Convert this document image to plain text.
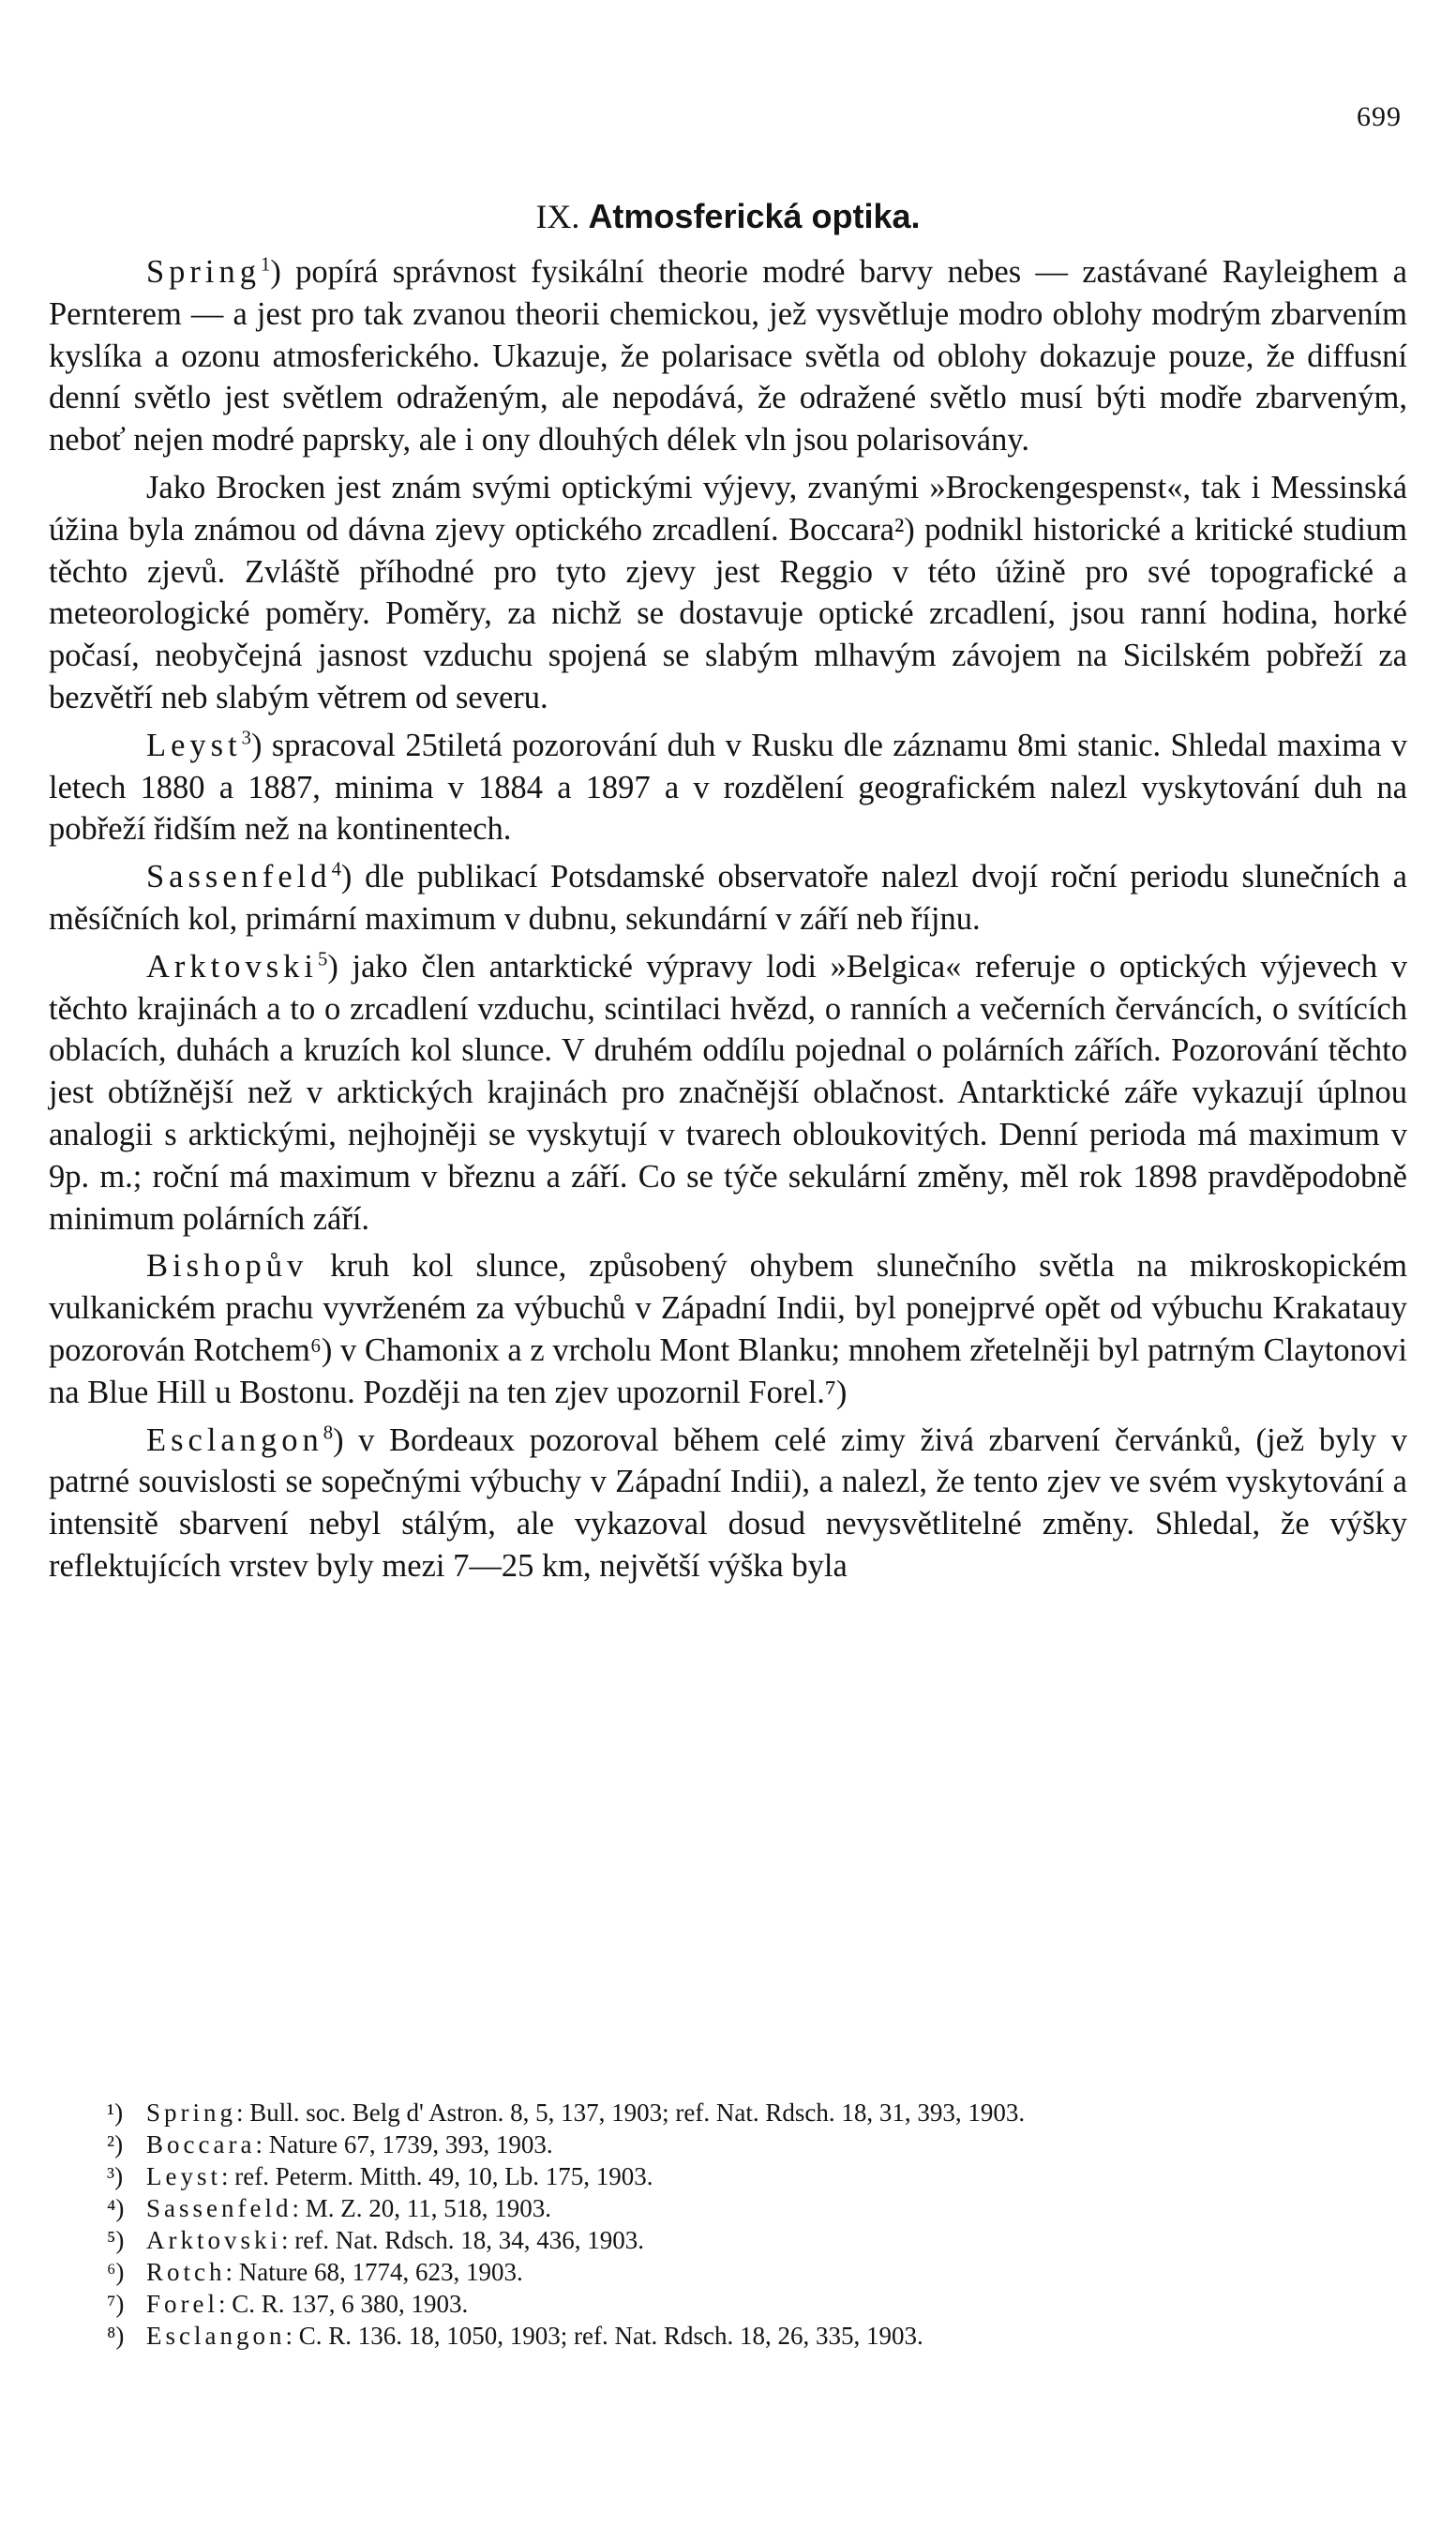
699
IX. Atmosferická optika.

Spring$^1$) popírá správnost fysikální theorie modré barvy nebes — zastávané Rayleighem a Pernterem — a jest pro tak zvanou theorii chemickou, jež vysvětluje modro oblohy modrým zbarvením kyslíka a ozonu atmosferického. Ukazuje, že polarisace světla od oblohy dokazuje pouze, že diffusní denní světlo jest světlem odraženým, ale nepodává, že odražené světlo musí býti modře zbarveným, neboť nejen modré paprsky, ale i ony dlouhých délek vln jsou polarisovány.

Jako Brocken jest znám svými optickými výjevy, zvanými »Brockengespenst«, tak i Messinská úžina byla známou od dávna zjevy optického zrcadlení. Boccara²) podnikl historické a kritické studium těchto zjevů. Zvláště příhodné pro tyto zjevy jest Reggio v této úžině pro své topografické a meteorologické poměry. Poměry, za nichž se dostavuje optické zrcadlení, jsou ranní hodina, horké počasí, neobyčejná jasnost vzduchu spojená se slabým mlhavým závojem na Sicilském pobřeží za bezvětří neb slabým větrem od severu.

Leyst$^3$) spracoval 25tiletá pozorování duh v Rusku dle záznamu 8mi stanic. Shledal maxima v letech 1880 a 1887, minima v 1884 a 1897 a v rozdělení geografickém nalezl vyskytování duh na pobřeží řidším než na kontinentech.

Sassenfeld$^4$) dle publikací Potsdamské observatoře nalezl dvojí roční periodu slunečních a měsíčních kol, primární maximum v dubnu, sekundární v září neb říjnu.

Arktovski$^5$) jako člen antarktické výpravy lodi »Belgica« referuje o optických výjevech v těchto krajinách a to o zrcadlení vzduchu, scintilaci hvězd, o ranních a večerních červáncích, o svítících oblacích, duhách a kruzích kol slunce. V druhém oddílu pojednal o polárních zářích. Pozorování těchto jest obtížnější než v arktických krajinách pro značnější oblačnost. Antarktické záře vykazují úplnou analogii s arktickými, nejhojněji se vyskytují v tvarech obloukovitých. Denní perioda má maximum v 9p. m.; roční má maximum v březnu a září. Co se týče sekulární změny, měl rok 1898 pravděpodobně minimum polárních září.

Bishopův kruh kol slunce, způsobený ohybem slunečního světla na mikroskopickém vulkanickém prachu vyvrženém za výbuchů v Západní Indii, byl ponejprvé opět od výbuchu Krakatauy pozorován Rotchem⁶) v Chamonix a z vrcholu Mont Blanku; mnohem zřetelněji byl patrným Claytonovi na Blue Hill u Bostonu. Později na ten zjev upozornil Forel.⁷)

Esclangon$^8$) v Bordeaux pozoroval během celé zimy živá zbarvení červánků, (jež byly v patrné souvislosti se sopečnými výbuchy v Západní Indii), a nalezl, že tento zjev ve svém vyskytování a intensitě sbarvení nebyl stálým, ale vykazoval dosud nevysvětlitelné změny. Shledal, že výšky reflektujících vrstev byly mezi 7—25 km, největší výška byla

¹) Spring: Bull. soc. Belg d' Astron. 8, 5, 137, 1903; ref. Nat. Rdsch. 18, 31, 393, 1903.

²) Boccara: Nature 67, 1739, 393, 1903.

³) Leyst: ref. Peterm. Mitth. 49, 10, Lb. 175, 1903.

⁴) Sassenfeld: M. Z. 20, 11, 518, 1903.

⁵) Arktovski: ref. Nat. Rdsch. 18, 34, 436, 1903.

⁶) Rotch: Nature 68, 1774, 623, 1903.

⁷) Forel: C. R. 137, 6 380, 1903.

⁸) Esclangon: C. R. 136. 18, 1050, 1903; ref. Nat. Rdsch. 18, 26, 335, 1903.
